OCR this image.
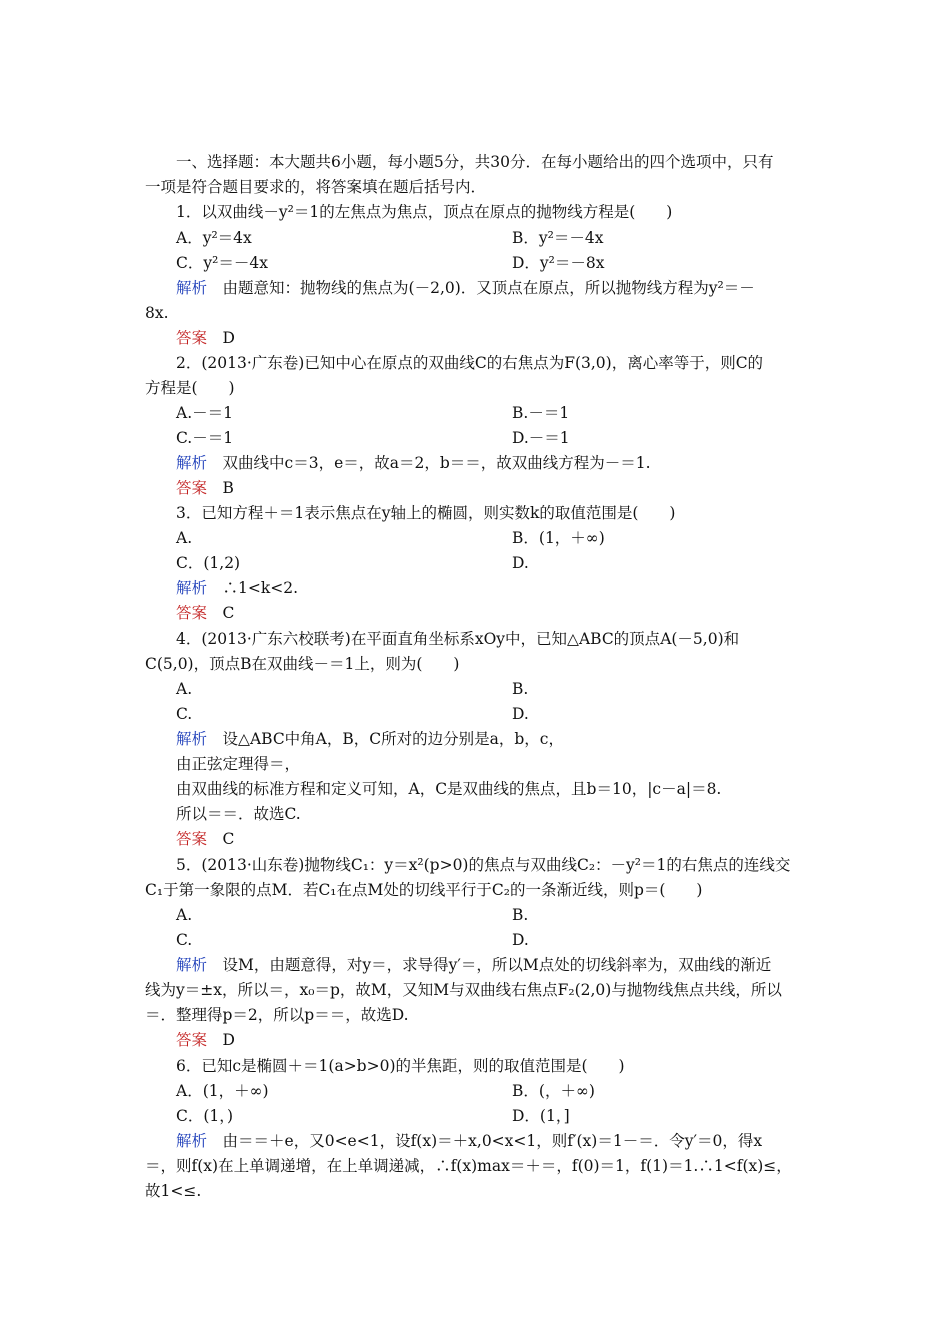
一、选择题：本大题共6小题，每小题5分，共30分．在每小题给出的四个选项中，只有
一项是符合题目要求的，将答案填在题后括号内．
1．以双曲线－y²＝1的左焦点为焦点，顶点在原点的抛物线方程是(　　)
A．y²＝4x	B．y²＝－4x
C．y²＝－4x	D．y²＝－8x
解析　 由题意知：抛物线的焦点为(－2,0)．又顶点在原点，所以抛物线方程为y²＝－
8x.
答案　 D
2．(2013·广东卷)已知中心在原点的双曲线C的右焦点为F(3,0)，离心率等于，则C的
方程是(　　)
A.－＝1	B.－＝1
C.－＝1	D.－＝1
解析　 双曲线中c＝3，e＝，故a＝2，b＝＝，故双曲线方程为－＝1.
答案　 B
3．已知方程＋＝1表示焦点在y轴上的椭圆，则实数k的取值范围是(　　)
A.	B．(1，＋∞)
C．(1,2)	D.
解析　 ∴1<k<2.
答案　 C
4．(2013·广东六校联考)在平面直角坐标系xOy中，已知△ABC的顶点A(－5,0)和
C(5,0)，顶点B在双曲线－＝1上，则为(　　)
A.	B.
C.	D.
解析　 设△ABC中角A，B，C所对的边分别是a，b，c，
由正弦定理得＝，
由双曲线的标准方程和定义可知，A，C是双曲线的焦点，且b＝10，|c－a|＝8.
所以＝＝．故选C.
答案　 C
5．(2013·山东卷)抛物线C₁：y＝x²(p>0)的焦点与双曲线C₂：－y²＝1的右焦点的连线交
C₁于第一象限的点M．若C₁在点M处的切线平行于C₂的一条渐近线，则p＝(　　)
A.	B.
C.	D.
解析　 设M，由题意得，对y＝，求导得y′＝，所以M点处的切线斜率为，双曲线的渐近
线为y＝±x，所以＝，x₀＝p，故M，又知M与双曲线右焦点F₂(2,0)与抛物线焦点共线，所以
＝．整理得p＝2，所以p＝＝，故选D.
答案　 D
6．已知c是椭圆＋＝1(a>b>0)的半焦距，则的取值范围是(　　)
A．(1，＋∞)	B．(，＋∞)
C．(1，)	D．(1，]
解析　 由＝＝＋e，又0<e<1，设f(x)＝＋x,0<x<1，则f′(x)＝1－＝．令y′＝0，得x
＝，则f(x)在上单调递增，在上单调递减，∴f(x)max＝＋＝，f(0)＝1，f(1)＝1.∴1<f(x)≤，
故1<≤.
